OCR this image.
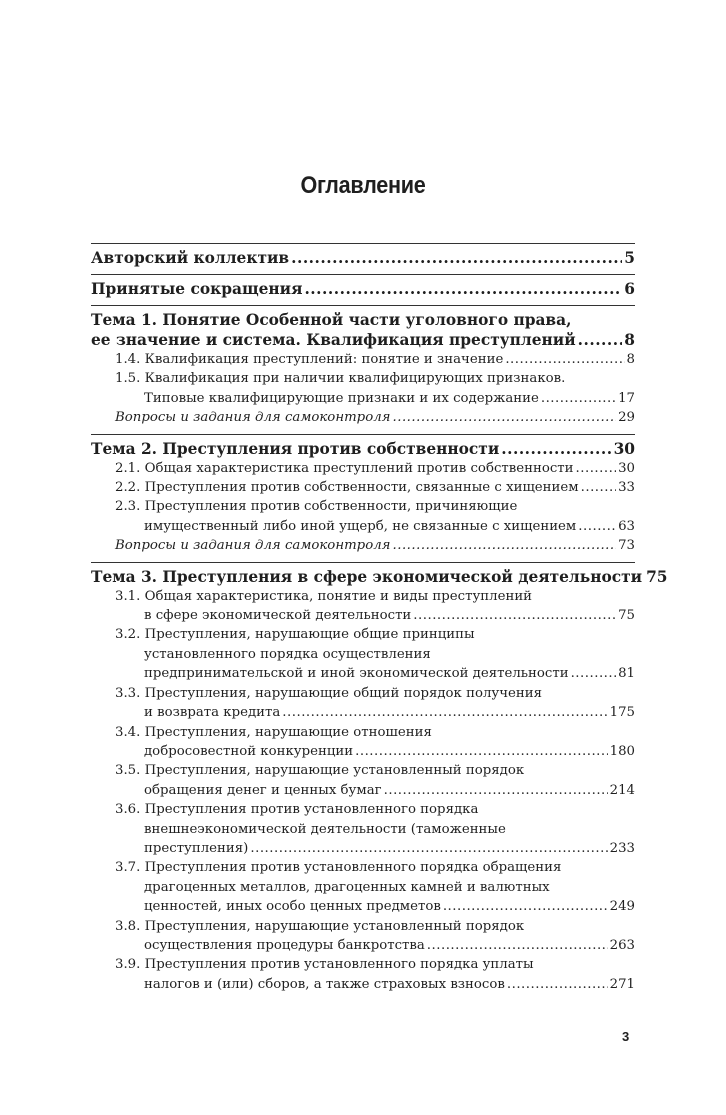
Оглавление
Авторский коллектив .....	5
Принятые сокращения .....	6
Тема 1. Понятие Особенной части уголовного права,
ее значение и система. Квалификация преступлений .....	8
1.4. Квалификация преступлений: понятие и значение .....	8
1.5. Квалификация при наличии квалифицирующих признаков.
Типовые квалифицирующие признаки и их содержание .....	17
Вопросы и задания для самоконтроля .....	29
Тема 2. Преступления против собственности .....	30
2.1. Общая характеристика преступлений против собственности .....	30
2.2. Преступления против собственности, связанные с хищением .....	33
2.3. Преступления против собственности, причиняющие
имущественный либо иной ущерб, не связанные с хищением .....	63
Вопросы и задания для самоконтроля .....	73
Тема 3. Преступления в сфере экономической деятельности 75
3.1. Общая характеристика, понятие и виды преступлений
в сфере экономической деятельности .....	75
3.2. Преступления, нарушающие общие принципы
установленного порядка осуществления
предпринимательской и иной экономической деятельности .....	81
3.3. Преступления, нарушающие общий порядок получения
и возврата кредита .....	175
3.4. Преступления, нарушающие отношения
добросовестной конкуренции .....	180
3.5. Преступления, нарушающие установленный порядок
обращения денег и ценных бумаг .....	214
3.6. Преступления против установленного порядка
внешнеэкономической деятельности (таможенные
преступления) .....	233
3.7. Преступления против установленного порядка обращения
драгоценных металлов, драгоценных камней и валютных
ценностей, иных особо ценных предметов .....	249
3.8. Преступления, нарушающие установленный порядок
осуществления процедуры банкротства .....	263
3.9. Преступления против установленного порядка уплаты
налогов и (или) сборов, а также страховых взносов .....	271
3
